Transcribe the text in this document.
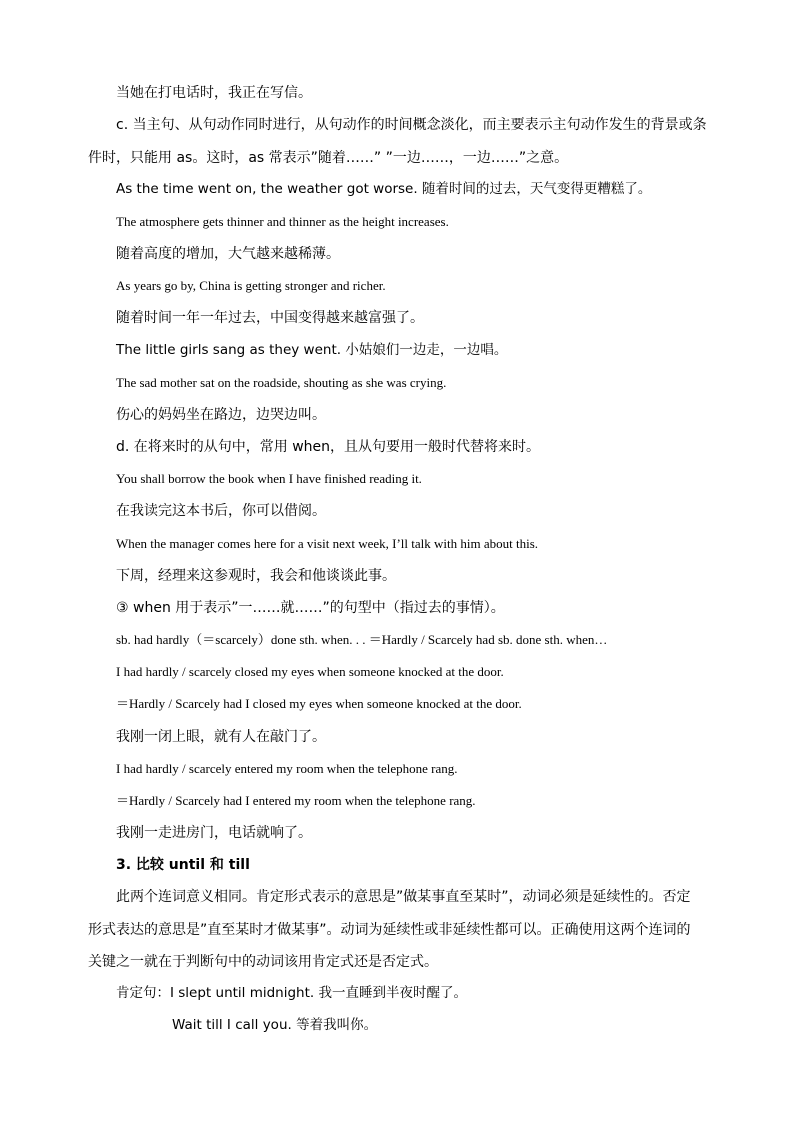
当她在打电话时，我正在写信。
c. 当主句、从句动作同时进行，从句动作的时间概念淡化，而主要表示主句动作发生的背景或条
件时，只能用 as。这时，as 常表示”随着……” ”一边……，一边……”之意。
As the time went on, the weather got worse. 随着时间的过去，天气变得更糟糕了。
The atmosphere gets thinner and thinner as the height increases.
随着高度的增加，大气越来越稀薄。
As years go by, China is getting stronger and richer.
随着时间一年一年过去，中国变得越来越富强了。
The little girls sang as they went. 小姑娘们一边走，一边唱。
The sad mother sat on the roadside, shouting as she was crying.
伤心的妈妈坐在路边，边哭边叫。
d. 在将来时的从句中，常用 when，且从句要用一般时代替将来时。
You shall borrow the book when I have finished reading it.
在我读完这本书后，你可以借阅。
When the manager comes here for a visit next week, I’ll talk with him about this.
下周，经理来这参观时，我会和他谈谈此事。
③ when 用于表示”一……就……”的句型中（指过去的事情）。
sb. had hardly（＝scarcely）done sth. when. . . ＝Hardly / Scarcely had sb. done sth. when…
I had hardly / scarcely closed my eyes when someone knocked at the door.
＝Hardly / Scarcely had I closed my eyes when someone knocked at the door.
我刚一闭上眼，就有人在敲门了。
I had hardly / scarcely entered my room when the telephone rang.
＝Hardly / Scarcely had I entered my room when the telephone rang.
我刚一走进房门，电话就响了。
3. 比较 until 和 till
此两个连词意义相同。肯定形式表示的意思是”做某事直至某时”，动词必须是延续性的。否定
形式表达的意思是”直至某时才做某事”。动词为延续性或非延续性都可以。正确使用这两个连词的
关键之一就在于判断句中的动词该用肯定式还是否定式。
肯定句：I slept until midnight. 我一直睡到半夜时醒了。
Wait till I call you. 等着我叫你。
